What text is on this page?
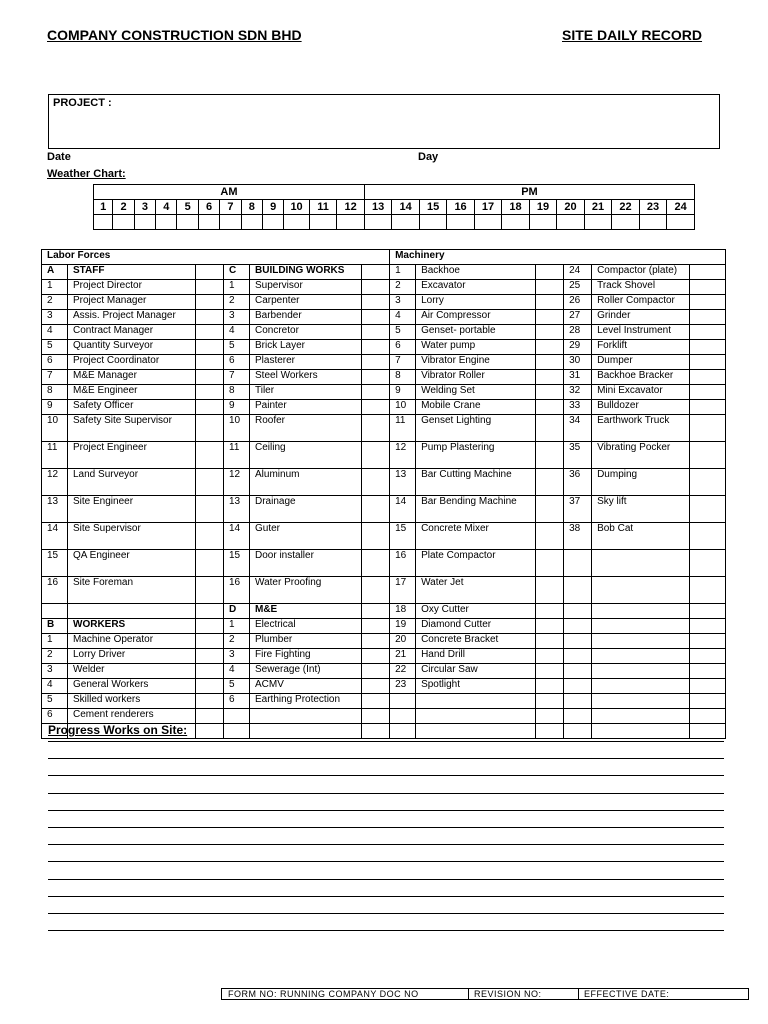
COMPANY CONSTRUCTION SDN BHD	SITE DAILY RECORD
PROJECT :
Date	Day
Weather Chart:
AM												PM											
1	2	3	4	5	6	7	8	9	10	11	12	13	14	15	16	17	18	19	20	21	22	23	24

Labor Forces						Machinery					
A	STAFF		C	BUILDING WORKS		1	Backhoe		24	Compactor (plate)	
1	Project Director		1	Supervisor		2	Excavator		25	Track Shovel	
2	Project Manager		2	Carpenter		3	Lorry		26	Roller Compactor	
3	Assis. Project Manager		3	Barbender		4	Air Compressor		27	Grinder	
4	Contract Manager		4	Concretor		5	Genset- portable		28	Level Instrument	
5	Quantity Surveyor		5	Brick Layer		6	Water pump		29	Forklift	
6	Project Coordinator		6	Plasterer		7	Vibrator Engine		30	Dumper	
7	M&E Manager		7	Steel Workers		8	Vibrator Roller		31	Backhoe Bracker	
8	M&E Engineer		8	Tiler		9	Welding Set		32	Mini Excavator	
9	Safety Officer		9	Painter		10	Mobile Crane		33	Bulldozer	
10	Safety Site Supervisor		10	Roofer		11	Genset Lighting		34	Earthwork Truck	
11	Project Engineer		11	Ceiling		12	Pump Plastering		35	Vibrating Pocker	
12	Land Surveyor		12	Aluminum		13	Bar Cutting Machine		36	Dumping	
13	Site Engineer		13	Drainage		14	Bar Bending Machine		37	Sky lift	
14	Site Supervisor		14	Guter		15	Concrete Mixer		38	Bob Cat	
15	QA Engineer		15	Door installer		16	Plate Compactor				
16	Site Foreman		16	Water Proofing		17	Water Jet				
			D	M&E		18	Oxy Cutter				
B	WORKERS		1	Electrical		19	Diamond Cutter				
1	Machine Operator		2	Plumber		20	Concrete Bracket				
2	Lorry Driver		3	Fire Fighting		21	Hand Drill				
3	Welder		4	Sewerage (Int)		22	Circular Saw				
4	General Workers		5	ACMV		23	Spotlight				
5	Skilled workers		6	Earthing Protection							
6	Cement renderers										

Progress Works on Site:
FORM NO: RUNNING COMPANY DOC NO	REVISION NO:	EFFECTIVE DATE:
